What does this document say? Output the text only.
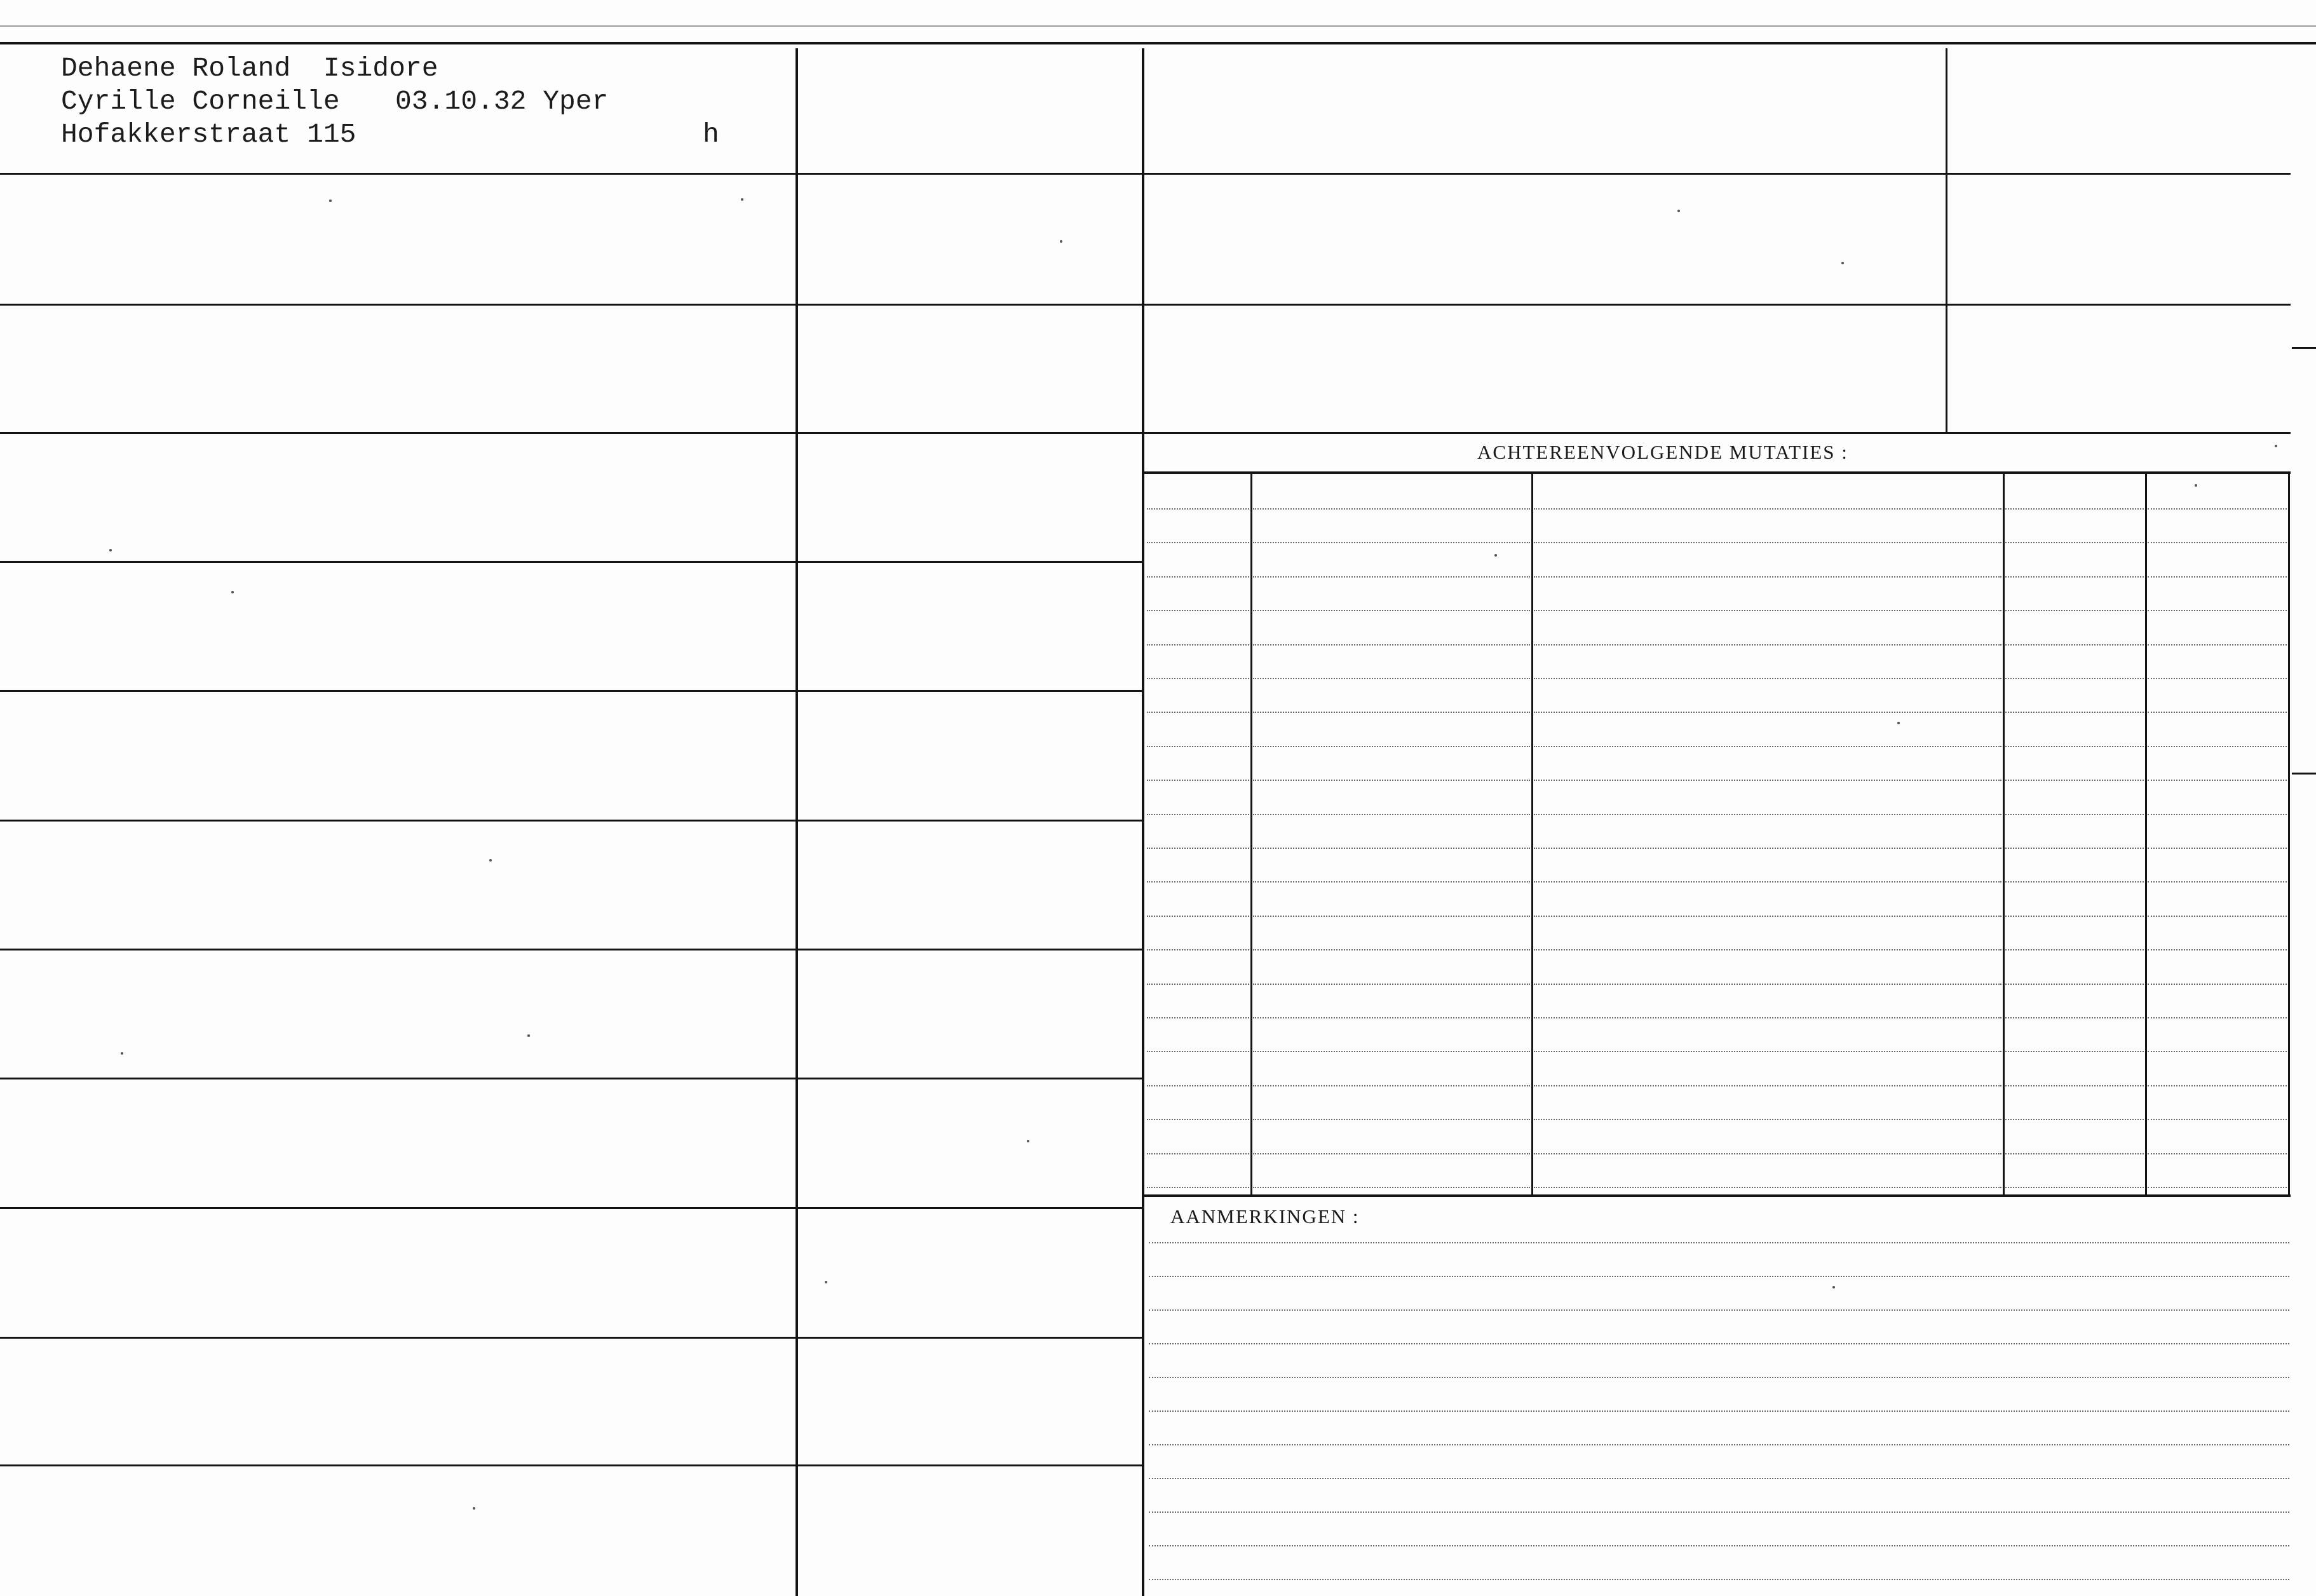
Dehaene Roland  Isidore
Cyrille Corneille 03.10.32 Yper
Hofakkerstraat 115	h
ACHTEREENVOLGENDE MUTATIES :
AANMERKINGEN :
